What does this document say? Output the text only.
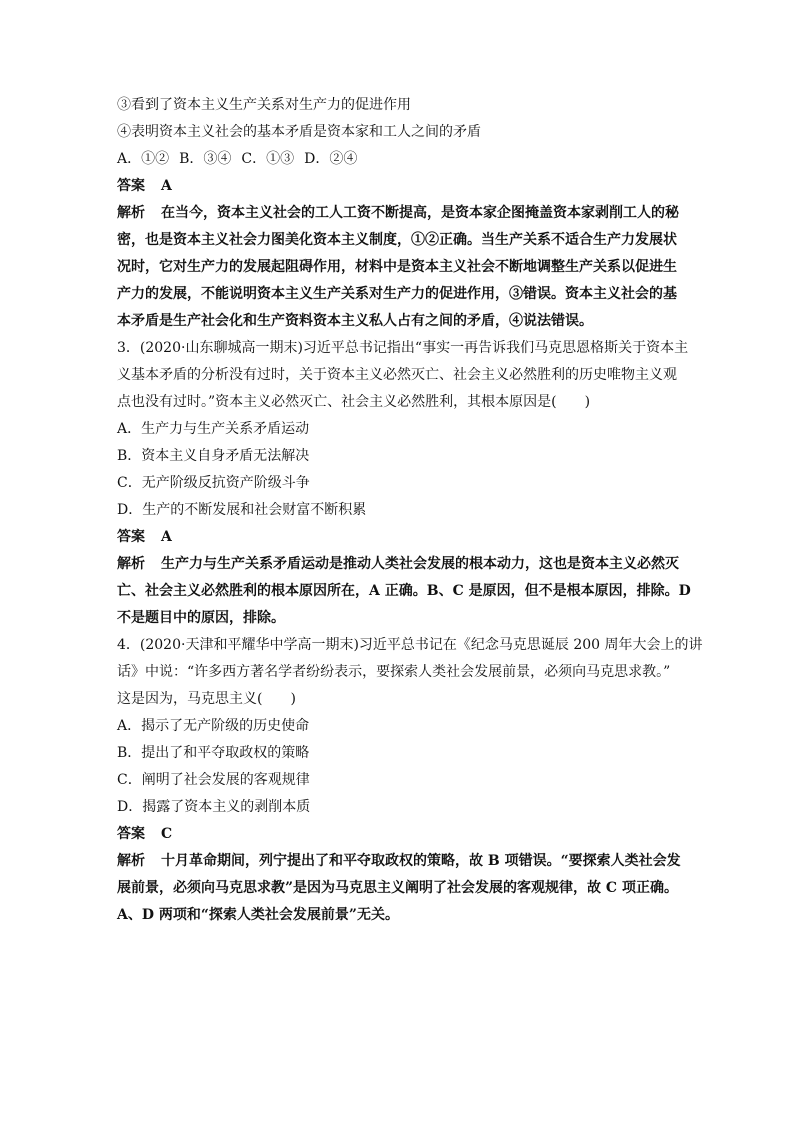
③看到了资本主义生产关系对生产力的促进作用
④表明资本主义社会的基本矛盾是资本家和工人之间的矛盾
A．①② B．③④ C．①③ D．②④
答案 A
解析 在当今，资本主义社会的工人工资不断提高，是资本家企图掩盖资本家剥削工人的秘
密，也是资本主义社会力图美化资本主义制度，①②正确。当生产关系不适合生产力发展状
况时，它对生产力的发展起阻碍作用，材料中是资本主义社会不断地调整生产关系以促进生
产力的发展，不能说明资本主义生产关系对生产力的促进作用，③错误。资本主义社会的基
本矛盾是生产社会化和生产资料资本主义私人占有之间的矛盾，④说法错误。
3．(2020·山东聊城高一期末)习近平总书记指出“事实一再告诉我们马克思恩格斯关于资本主
义基本矛盾的分析没有过时，关于资本主义必然灭亡、社会主义必然胜利的历史唯物主义观
点也没有过时。”资本主义必然灭亡、社会主义必然胜利，其根本原因是(　　)
A．生产力与生产关系矛盾运动
B．资本主义自身矛盾无法解决
C．无产阶级反抗资产阶级斗争
D．生产的不断发展和社会财富不断积累
答案 A
解析 生产力与生产关系矛盾运动是推动人类社会发展的根本动力，这也是资本主义必然灭
亡、社会主义必然胜利的根本原因所在，A 正确。B、C 是原因，但不是根本原因，排除。D
不是题目中的原因，排除。
4．(2020·天津和平耀华中学高一期末)习近平总书记在《纪念马克思诞辰 200 周年大会上的讲
话》中说：“许多西方著名学者纷纷表示，要探索人类社会发展前景，必须向马克思求教。”
这是因为，马克思主义(　　)
A．揭示了无产阶级的历史使命
B．提出了和平夺取政权的策略
C．阐明了社会发展的客观规律
D．揭露了资本主义的剥削本质
答案 C
解析 十月革命期间，列宁提出了和平夺取政权的策略，故 B 项错误。“要探索人类社会发
展前景，必须向马克思求教”是因为马克思主义阐明了社会发展的客观规律，故 C 项正确。
A、D 两项和“探索人类社会发展前景”无关。
